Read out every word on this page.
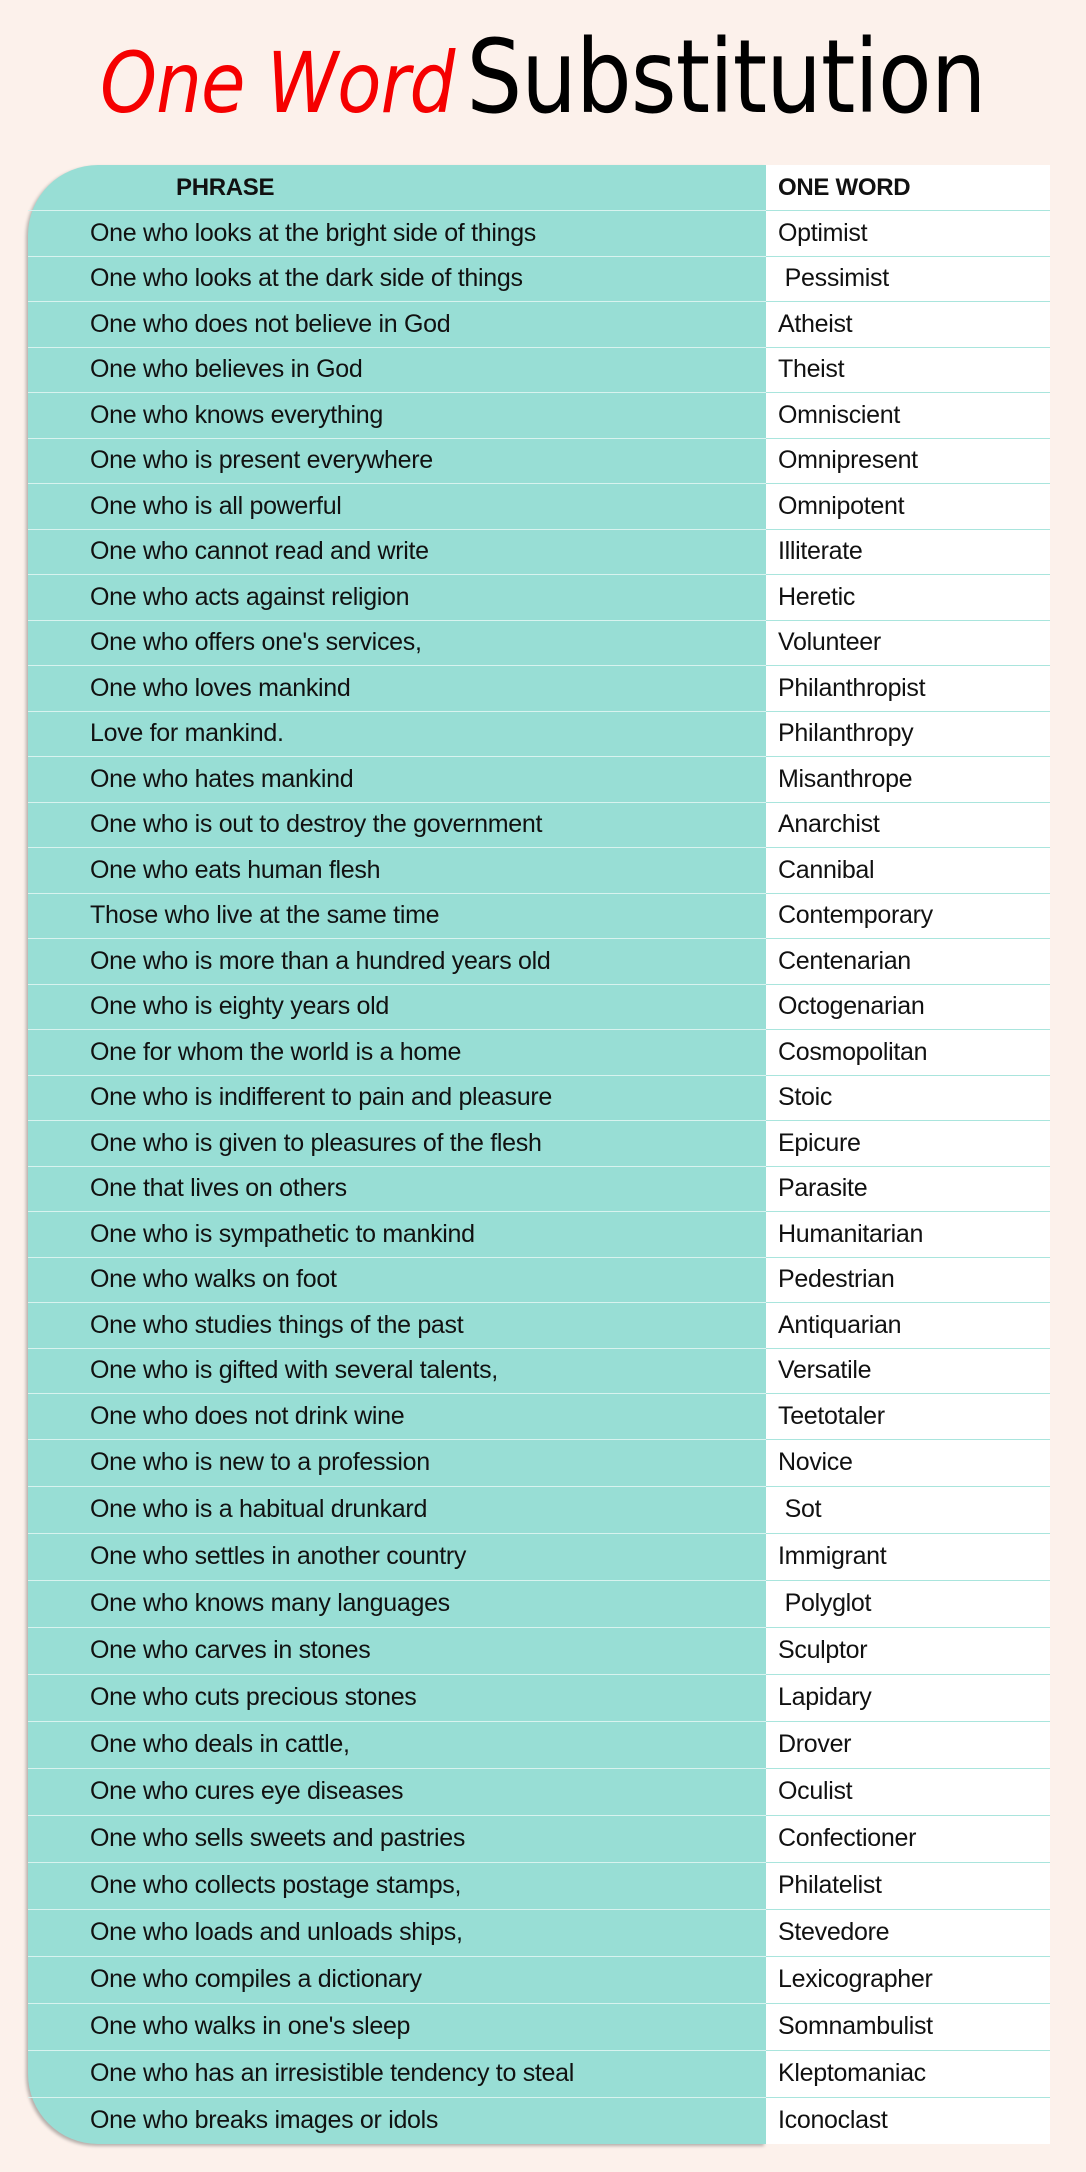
One Word Substitution
PHRASE	ONE WORD
One who looks at the bright side of things	Optimist
One who looks at the dark side of things	Pessimist
One who does not believe in God	Atheist
One who believes in God	Theist
One who knows everything	Omniscient
One who is present everywhere	Omnipresent
One who is all powerful	Omnipotent
One who cannot read and write	Illiterate
One who acts against religion	Heretic
One who offers one's services,	Volunteer
One who loves mankind	Philanthropist
Love for mankind.	Philanthropy
One who hates mankind	Misanthrope
One who is out to destroy the government	Anarchist
One who eats human flesh	Cannibal
Those who live at the same time	Contemporary
One who is more than a hundred years old	Centenarian
One who is eighty years old	Octogenarian
One for whom the world is a home	Cosmopolitan
One who is indifferent to pain and pleasure	Stoic
One who is given to pleasures of the flesh	Epicure
One that lives on others	Parasite
One who is sympathetic to mankind	Humanitarian
One who walks on foot	Pedestrian
One who studies things of the past	Antiquarian
One who is gifted with several talents,	Versatile
One who does not drink wine	Teetotaler
One who is new to a profession	Novice
One who is a habitual drunkard	Sot
One who settles in another country	Immigrant
One who knows many languages	Polyglot
One who carves in stones	Sculptor
One who cuts precious stones	Lapidary
One who deals in cattle,	Drover
One who cures eye diseases	Oculist
One who sells sweets and pastries	Confectioner
One who collects postage stamps,	Philatelist
One who loads and unloads ships,	Stevedore
One who compiles a dictionary	Lexicographer
One who walks in one's sleep	Somnambulist
One who has an irresistible tendency to steal	Kleptomaniac
One who breaks images or idols	Iconoclast
